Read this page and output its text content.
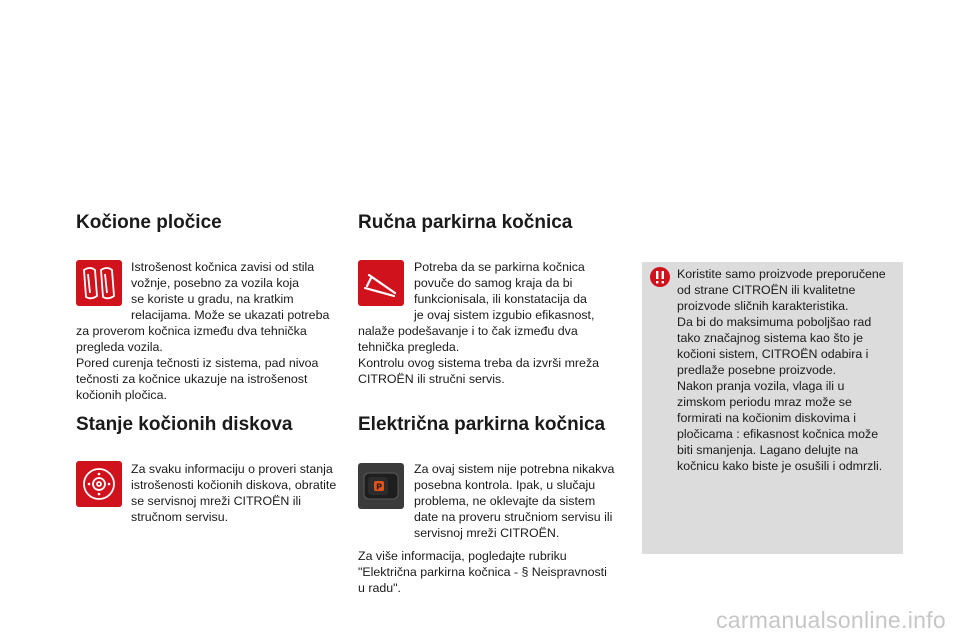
Kočione pločice
Istrošenost kočnica zavisi od stila
vožnje, posebno za vozila koja
se koriste u gradu, na kratkim
relacijama. Može se ukazati potreba
za proverom kočnica između dva tehnička
pregleda vozila.
Pored curenja tečnosti iz sistema, pad nivoa
tečnosti za kočnice ukazuje na istrošenost
kočionih pločica.
Stanje kočionih diskova
Za svaku informaciju o proveri stanja
istrošenosti kočionih diskova, obratite
se servisnoj mreži CITROËN ili
stručnom servisu.
Ručna parkirna kočnica
Potreba da se parkirna kočnica
povuče do samog kraja da bi
funkcionisala, ili konstatacija da
je ovaj sistem izgubio efikasnost,
nalaže podešavanje i to čak između dva
tehnička pregleda.
Kontrolu ovog sistema treba da izvrši mreža
CITROËN ili stručni servis.
Električna parkirna kočnica
P
Za ovaj sistem nije potrebna nikakva
posebna kontrola. Ipak, u slučaju
problema, ne oklevajte da sistem
date na proveru stručniom servisu ili
servisnoj mreži CITROËN.
Za više informacija, pogledajte rubriku
"Električna parkirna kočnica - § Neispravnosti
u radu".
Koristite samo proizvode preporučene
od strane CITROËN ili kvalitetne
proizvode sličnih karakteristika.
Da bi do maksimuma poboljšao rad
tako značajnog sistema kao što je
kočioni sistem, CITROËN odabira i
predlaže posebne proizvode.
Nakon pranja vozila, vlaga ili u
zimskom periodu mraz može se
formirati na kočionim diskovima i
pločicama : efikasnost kočnica može
biti smanjenja. Lagano delujte na
kočnicu kako biste je osušili i odmrzli.
carmanualsonline.info
